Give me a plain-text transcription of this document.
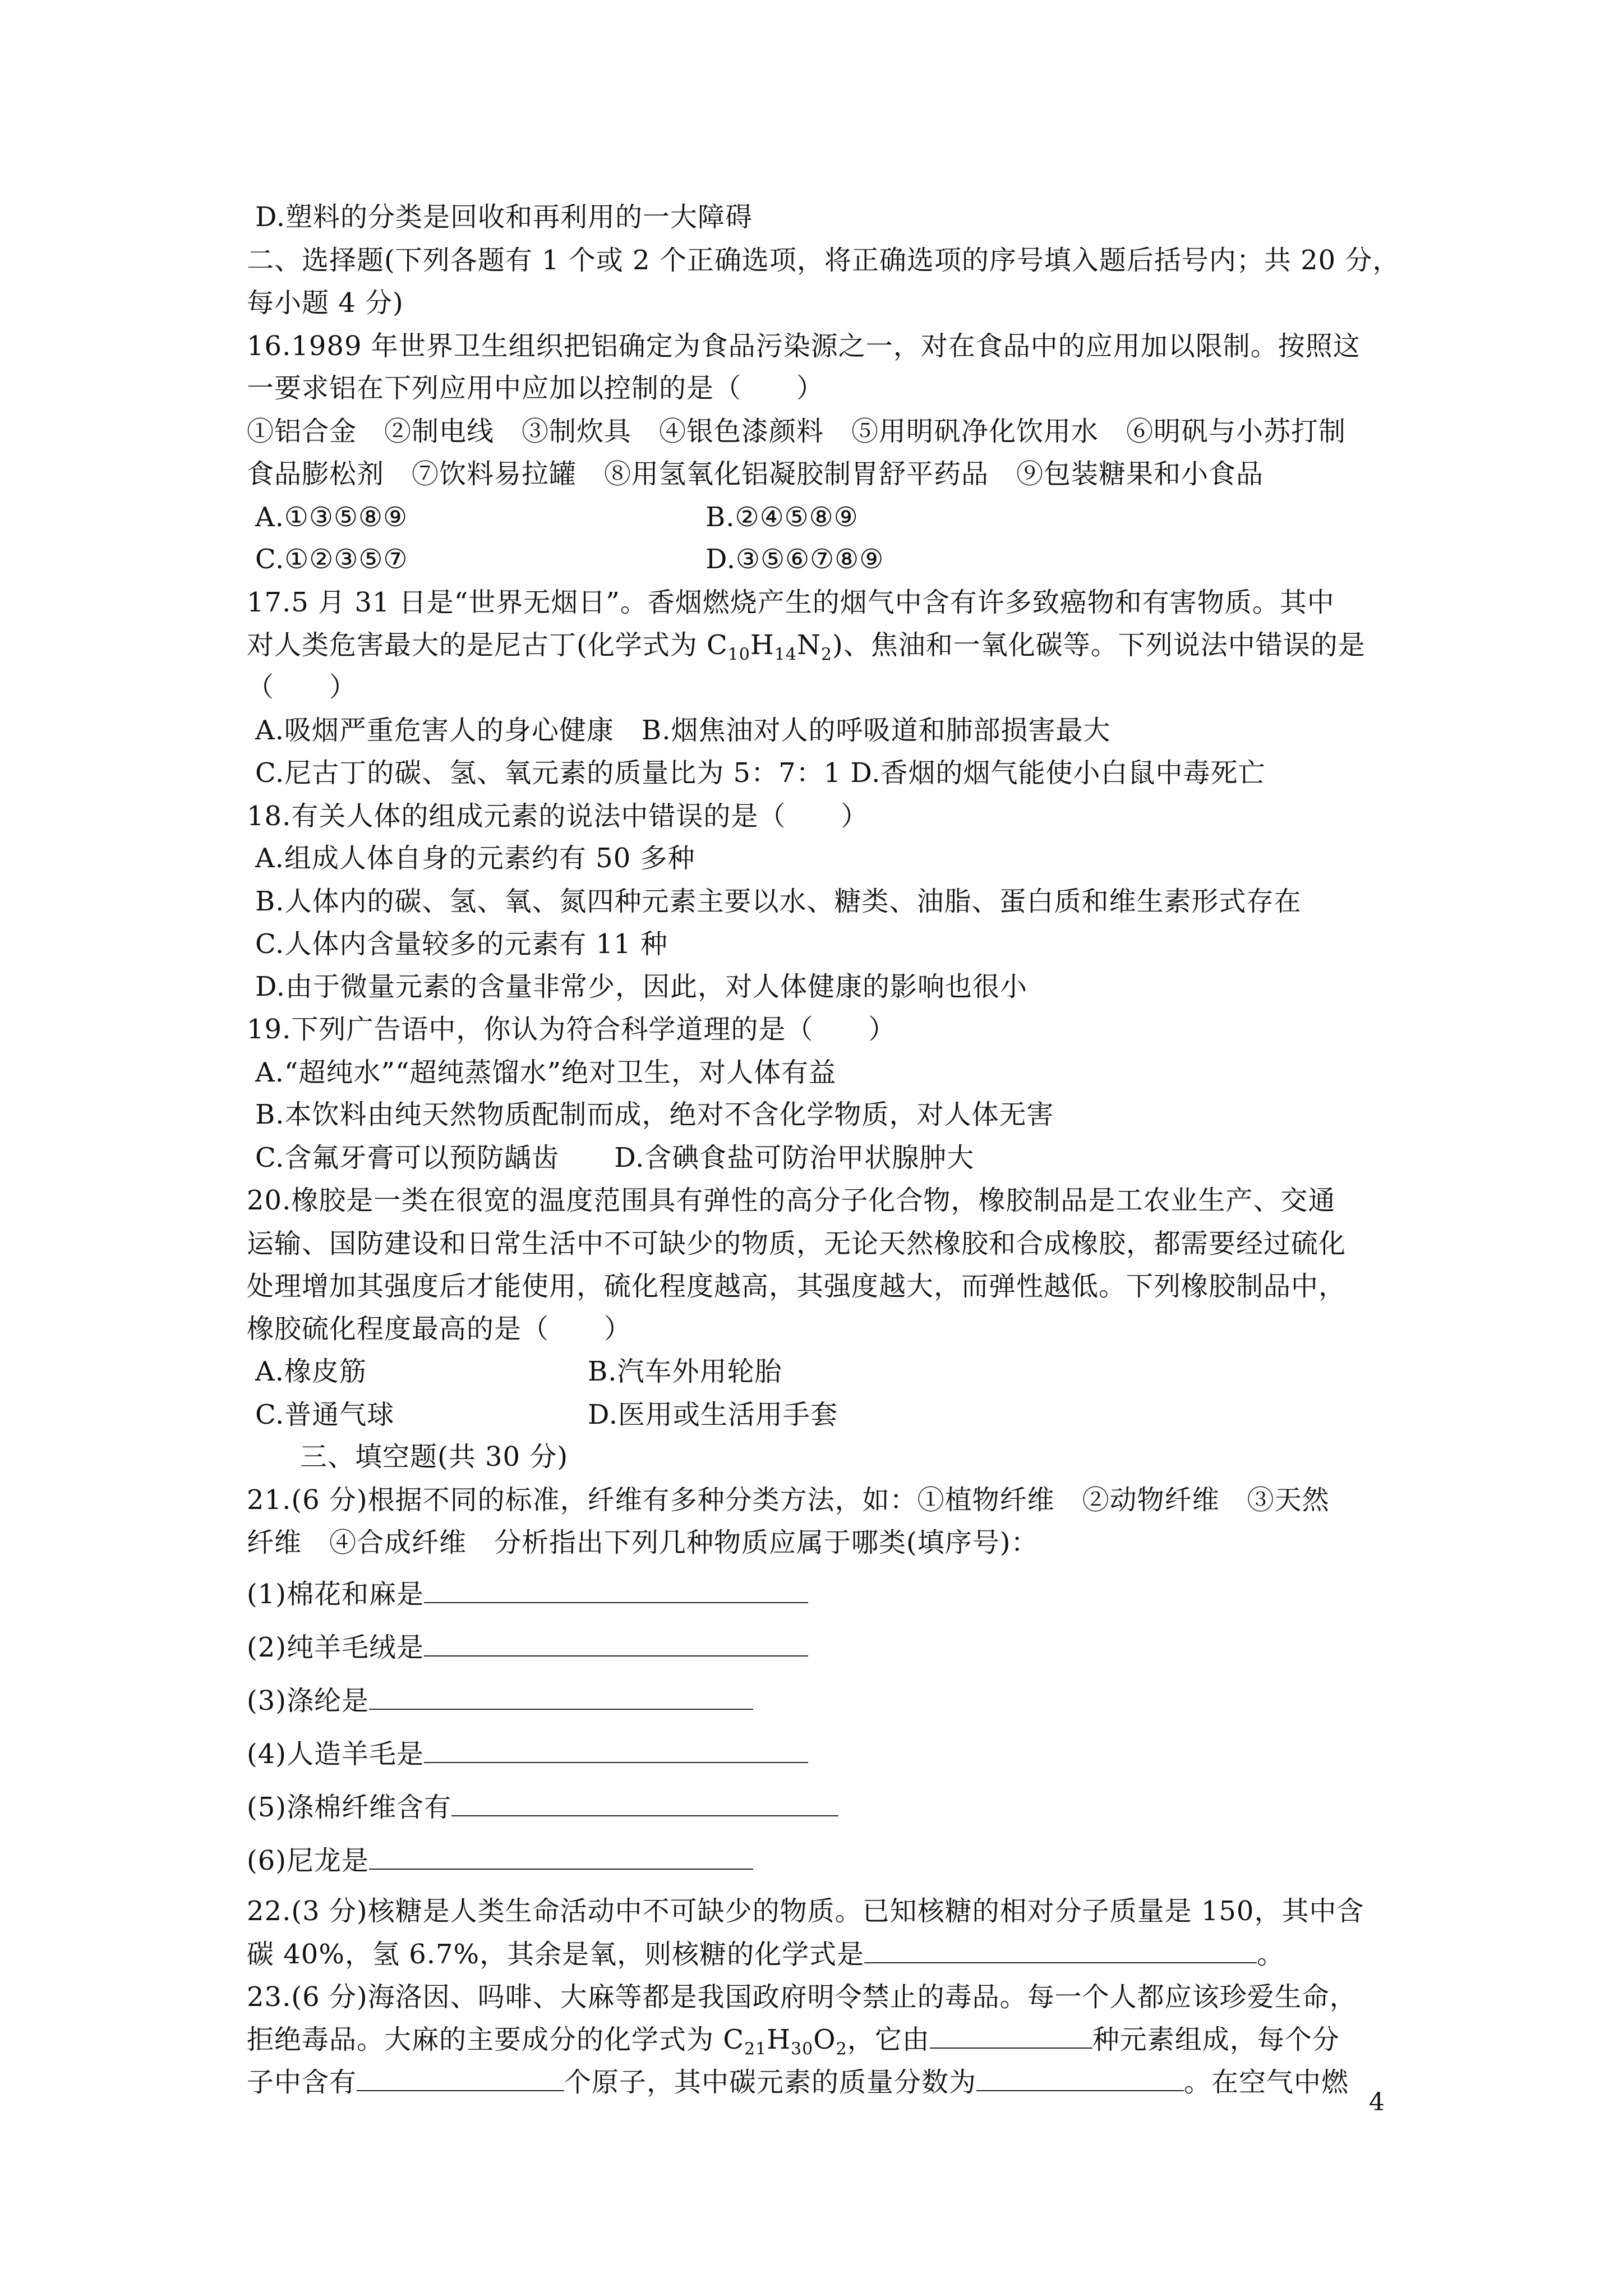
D.塑料的分类是回收和再利用的一大障碍
二、选择题(下列各题有 1 个或 2 个正确选项，将正确选项的序号填入题后括号内；共 20 分，
每小题 4 分)
16.1989 年世界卫生组织把铝确定为食品污染源之一，对在食品中的应用加以限制。按照这
一要求铝在下列应用中应加以控制的是（　　）
①铝合金　②制电线　③制炊具　④银色漆颜料　⑤用明矾净化饮用水　⑥明矾与小苏打制
食品膨松剂　⑦饮料易拉罐　⑧用氢氧化铝凝胶制胃舒平药品　⑨包装糖果和小食品
A.①③⑤⑧⑨	B.②④⑤⑧⑨
C.①②③⑤⑦	D.③⑤⑥⑦⑧⑨
17.5 月 31 日是“世界无烟日”。香烟燃烧产生的烟气中含有许多致癌物和有害物质。其中
对人类危害最大的是尼古丁(化学式为 $C_{10}H_{14}N_2$)、焦油和一氧化碳等。下列说法中错误的是
（　　）
A.吸烟严重危害人的身心健康　B.烟焦油对人的呼吸道和肺部损害最大
C.尼古丁的碳、氢、氧元素的质量比为 5：7：1 D.香烟的烟气能使小白鼠中毒死亡
18.有关人体的组成元素的说法中错误的是（　　）
A.组成人体自身的元素约有 50 多种
B.人体内的碳、氢、氧、氮四种元素主要以水、糖类、油脂、蛋白质和维生素形式存在
C.人体内含量较多的元素有 11 种
D.由于微量元素的含量非常少，因此，对人体健康的影响也很小
19.下列广告语中，你认为符合科学道理的是（　　）
A.“超纯水”“超纯蒸馏水”绝对卫生，对人体有益
B.本饮料由纯天然物质配制而成，绝对不含化学物质，对人体无害
C.含氟牙膏可以预防龋齿　　D.含碘食盐可防治甲状腺肿大
20.橡胶是一类在很宽的温度范围具有弹性的高分子化合物，橡胶制品是工农业生产、交通
运输、国防建设和日常生活中不可缺少的物质，无论天然橡胶和合成橡胶，都需要经过硫化
处理增加其强度后才能使用，硫化程度越高，其强度越大，而弹性越低。下列橡胶制品中，
橡胶硫化程度最高的是（　　）
A.橡皮筋	B.汽车外用轮胎
C.普通气球	D.医用或生活用手套
三、填空题(共 30 分)
21.(6 分)根据不同的标准，纤维有多种分类方法，如：①植物纤维　②动物纤维　③天然
纤维　④合成纤维　分析指出下列几种物质应属于哪类(填序号)：
(1)棉花和麻是
(2)纯羊毛绒是
(3)涤纶是
(4)人造羊毛是
(5)涤棉纤维含有
(6)尼龙是
22.(3 分)核糖是人类生命活动中不可缺少的物质。已知核糖的相对分子质量是 150，其中含
碳 40%，氢 6.7%，其余是氧，则核糖的化学式是	。
23.(6 分)海洛因、吗啡、大麻等都是我国政府明令禁止的毒品。每一个人都应该珍爱生命，
拒绝毒品。大麻的主要成分的化学式为 $C_{21}H_{30}O_2$，它由	种元素组成，每个分
子中含有	个原子，其中碳元素的质量分数为	。在空气中燃
4
